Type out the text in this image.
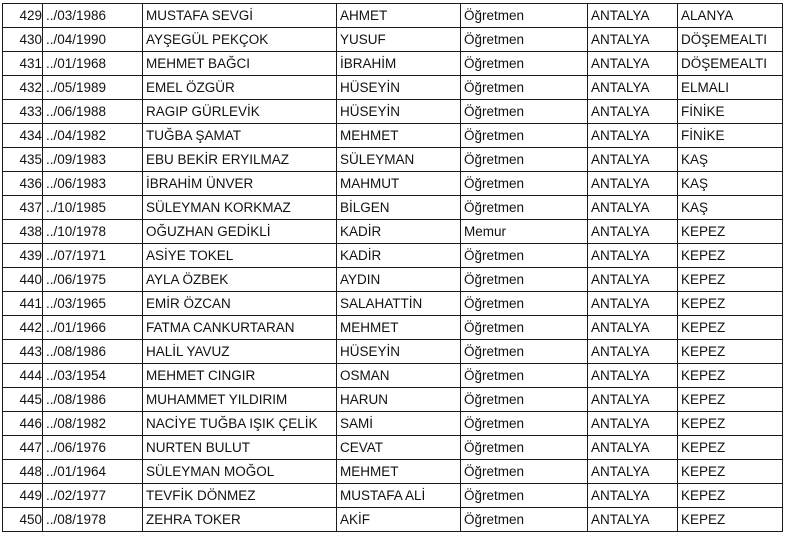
429	../03/1986	MUSTAFA SEVGİ	AHMET	Öğretmen	ANTALYA	ALANYA
430	../04/1990	AYŞEGÜL PEKÇOK	YUSUF	Öğretmen	ANTALYA	DÖŞEMEALTI
431	../01/1968	MEHMET BAĞCI	İBRAHİM	Öğretmen	ANTALYA	DÖŞEMEALTI
432	../05/1989	EMEL ÖZGÜR	HÜSEYİN	Öğretmen	ANTALYA	ELMALI
433	../06/1988	RAGIP GÜRLEVİK	HÜSEYİN	Öğretmen	ANTALYA	FİNİKE
434	../04/1982	TUĞBA ŞAMAT	MEHMET	Öğretmen	ANTALYA	FİNİKE
435	../09/1983	EBU BEKİR ERYILMAZ	SÜLEYMAN	Öğretmen	ANTALYA	KAŞ
436	../06/1983	İBRAHİM ÜNVER	MAHMUT	Öğretmen	ANTALYA	KAŞ
437	../10/1985	SÜLEYMAN KORKMAZ	BİLGEN	Öğretmen	ANTALYA	KAŞ
438	../10/1978	OĞUZHAN GEDİKLİ	KADİR	Memur	ANTALYA	KEPEZ
439	../07/1971	ASİYE TOKEL	KADİR	Öğretmen	ANTALYA	KEPEZ
440	../06/1975	AYLA ÖZBEK	AYDIN	Öğretmen	ANTALYA	KEPEZ
441	../03/1965	EMİR ÖZCAN	SALAHATTİN	Öğretmen	ANTALYA	KEPEZ
442	../01/1966	FATMA CANKURTARAN	MEHMET	Öğretmen	ANTALYA	KEPEZ
443	../08/1986	HALİL YAVUZ	HÜSEYİN	Öğretmen	ANTALYA	KEPEZ
444	../03/1954	MEHMET CINGIR	OSMAN	Öğretmen	ANTALYA	KEPEZ
445	../08/1986	MUHAMMET YILDIRIM	HARUN	Öğretmen	ANTALYA	KEPEZ
446	../08/1982	NACİYE TUĞBA IŞIK ÇELİK	SAMİ	Öğretmen	ANTALYA	KEPEZ
447	../06/1976	NURTEN BULUT	CEVAT	Öğretmen	ANTALYA	KEPEZ
448	../01/1964	SÜLEYMAN MOĞOL	MEHMET	Öğretmen	ANTALYA	KEPEZ
449	../02/1977	TEVFİK DÖNMEZ	MUSTAFA ALİ	Öğretmen	ANTALYA	KEPEZ
450	../08/1978	ZEHRA TOKER	AKİF	Öğretmen	ANTALYA	KEPEZ
